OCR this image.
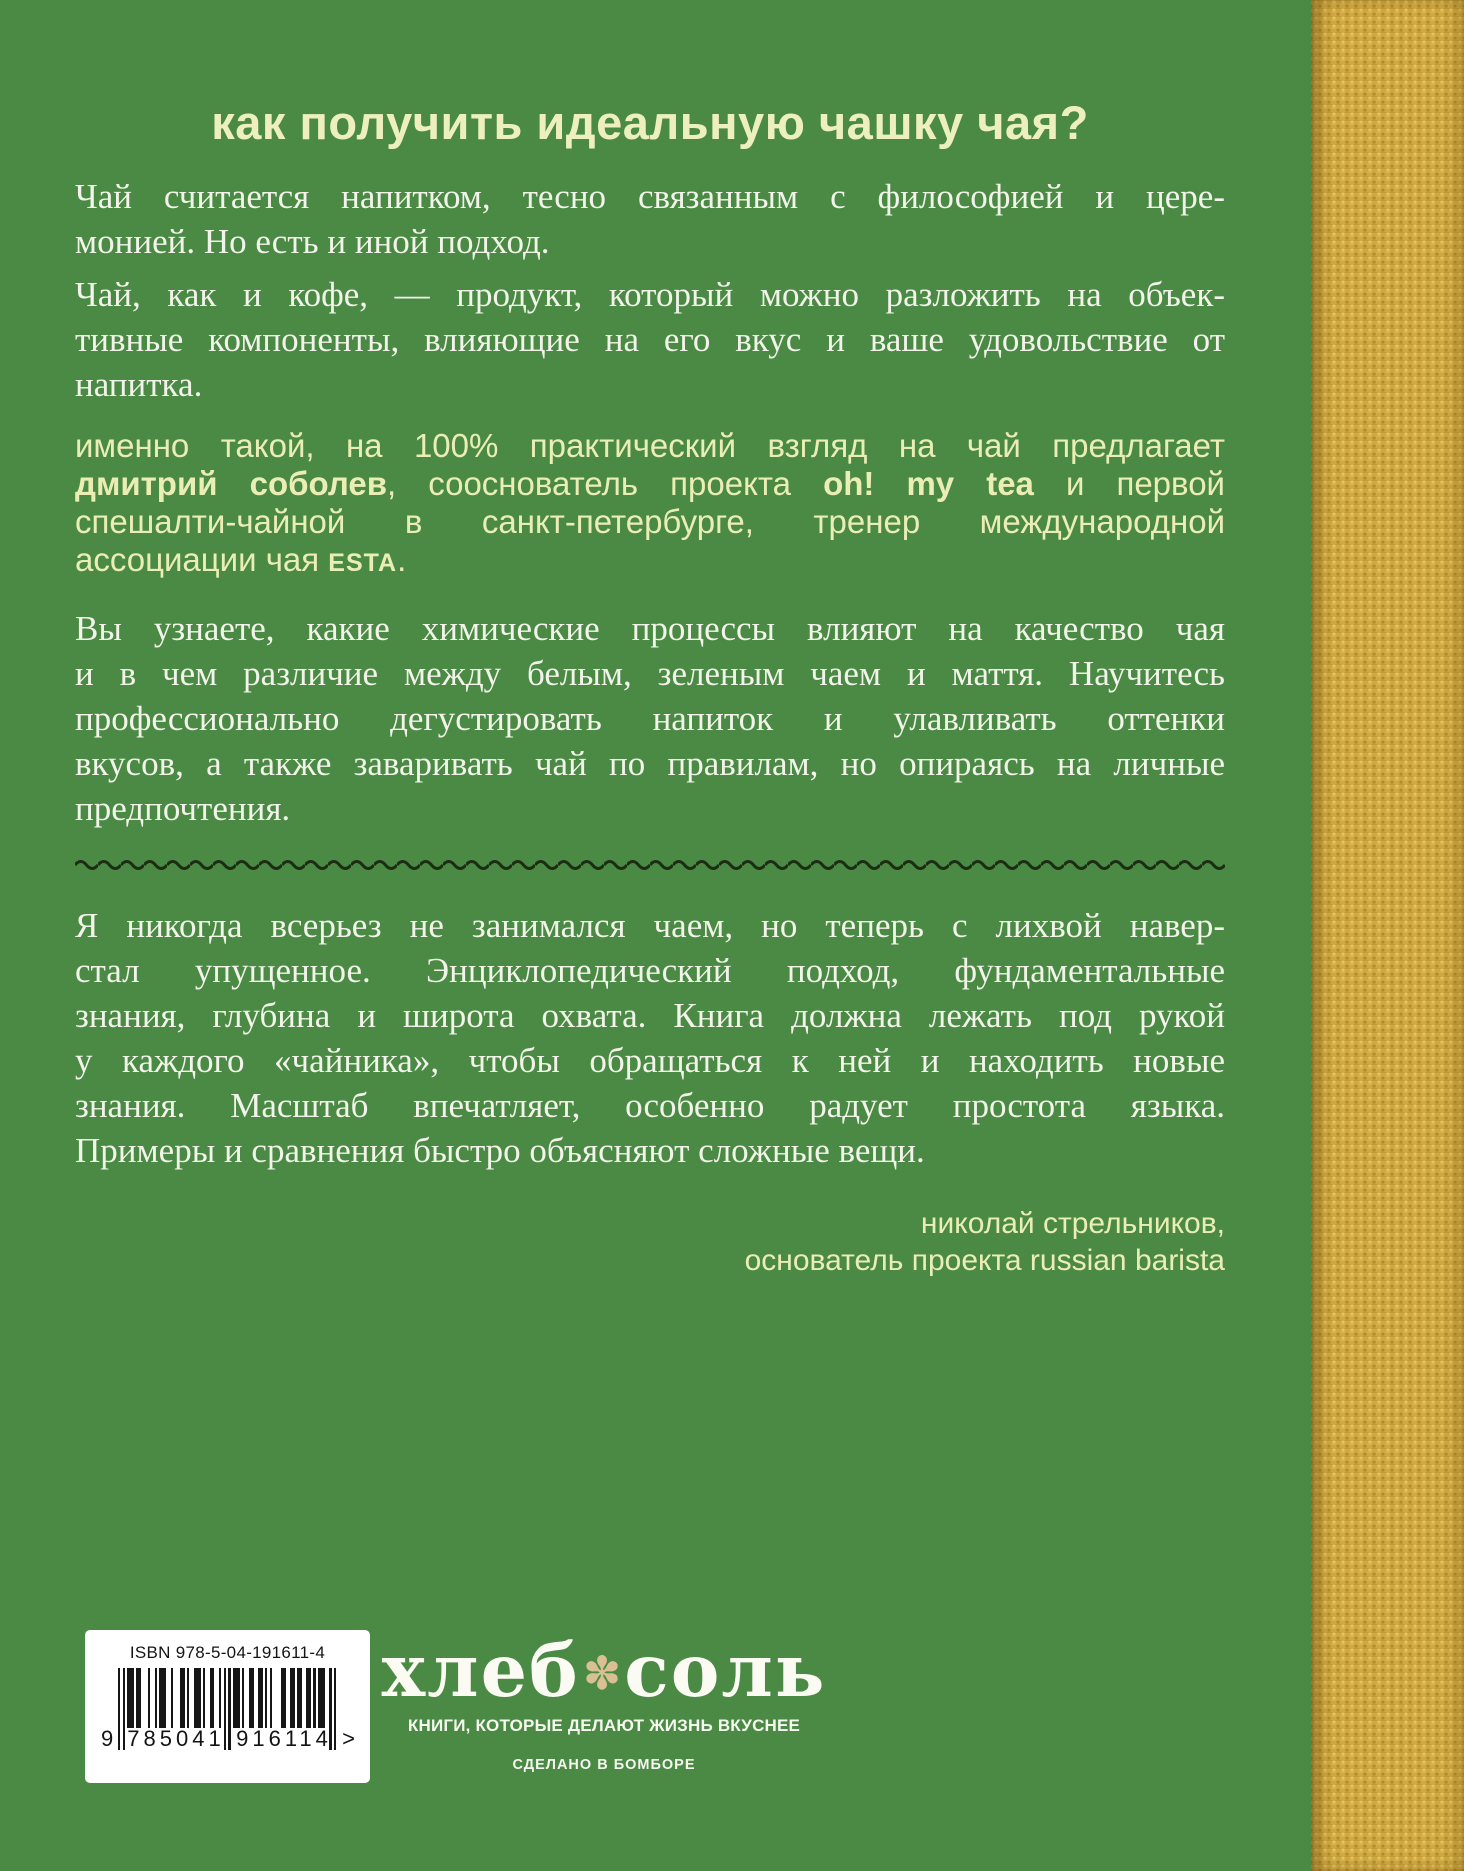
как получить идеальную чашку чая?
Чай считается напитком, тесно связанным с философией и цере-
монией. Но есть и иной подход.
Чай, как и кофе, — продукт, который можно разложить на объек-
тивные компоненты, влияющие на его вкус и ваше удовольствие от
напитка.
именно такой, на 100% практический взгляд на чай предлагает
дмитрий соболев, сооснователь проекта oh! my tea и первой
спешалти-чайной в санкт-петербурге, тренер международной
ассоциации чая ESTA.
Вы узнаете, какие химические процессы влияют на качество чая
и в чем различие между белым, зеленым чаем и маття. Научитесь
профессионально дегустировать напиток и улавливать оттенки
вкусов, а также заваривать чай по правилам, но опираясь на личные
предпочтения.
Я никогда всерьез не занимался чаем, но теперь с лихвой навер-
стал упущенное. Энциклопедический подход, фундаментальные
знания, глубина и широта охвата. Книга должна лежать под рукой
у каждого «чайника», чтобы обращаться к ней и находить новые
знания. Масштаб впечатляет, особенно радует простота языка.
Примеры и сравнения быстро объясняют сложные вещи.
николай стрельников,
основатель проекта russian barista
ISBN 978-5-04-191611-4
9 785041 916114 >
хлеб✽соль
КНИГИ, КОТОРЫЕ ДЕЛАЮТ ЖИЗНЬ ВКУСНЕЕ
СДЕЛАНО В БОМБОРЕ
